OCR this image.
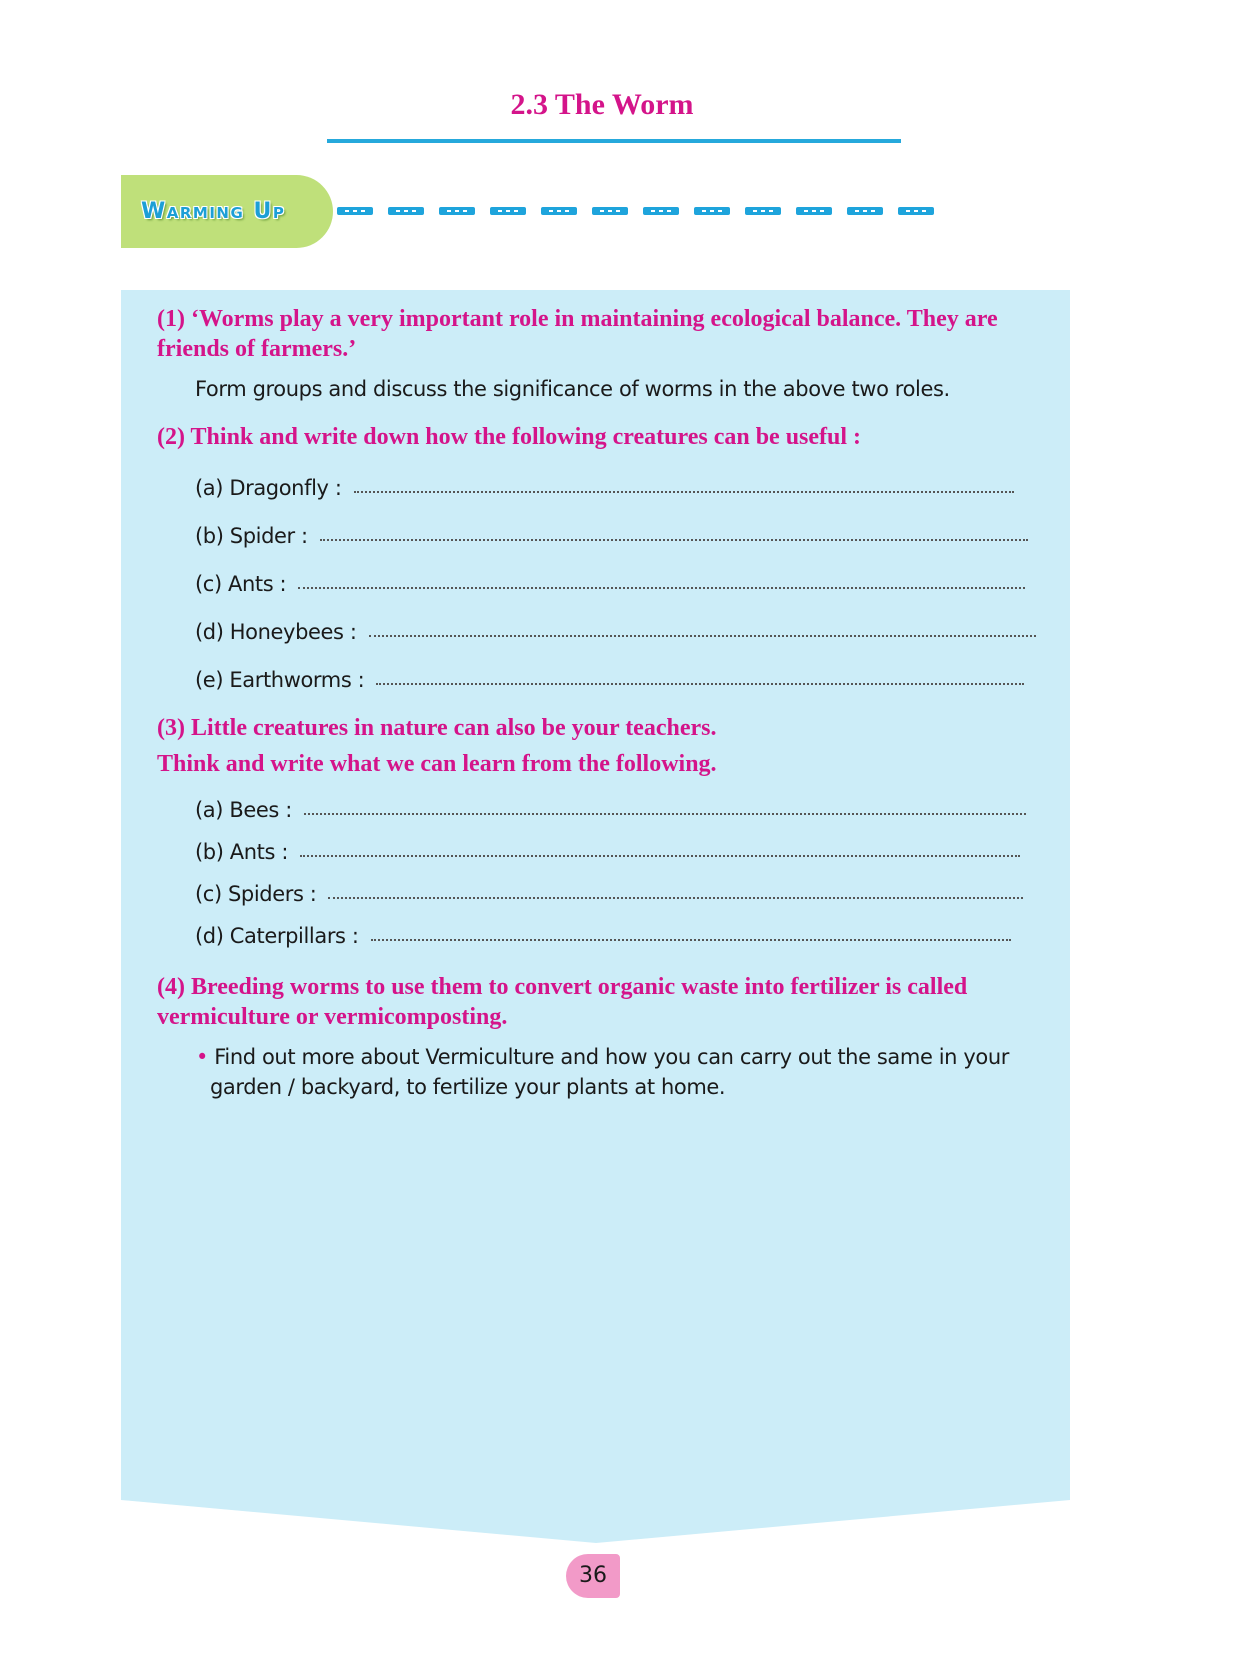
2.3 The Worm
Warming Up
(1) ‘Worms play a very important role in maintaining ecological balance. They are
friends of farmers.’
Form groups and discuss the significance of worms in the above two roles.
(2) Think and write down how the following creatures can be useful :
(a) Dragonfly :
(b) Spider :
(c) Ants :
(d) Honeybees :
(e) Earthworms :
(3) Little creatures in nature can also be your teachers.
Think and write what we can learn from the following.
(a) Bees :
(b) Ants :
(c) Spiders :
(d) Caterpillars :
(4) Breeding worms to use them to convert organic waste into fertilizer is called
vermiculture or vermicomposting.
• Find out more about Vermiculture and how you can carry out the same in your
garden / backyard, to fertilize your plants at home.
36
